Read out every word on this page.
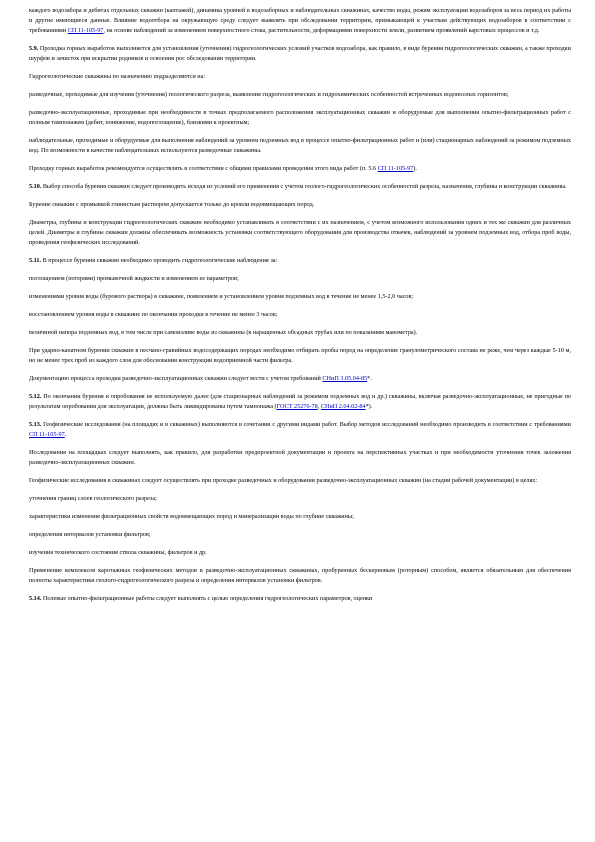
каждого водозабора и дебитах отдельных скважин (каптажей), динамика уровней в водозаборных и наблюдательных скважинах, качество воды, режим эксплуатации водозаборов за весь период их работы и другие имеющиеся данные. Влияние водоотбора на окружающую среду следует выявлять при обследовании территории, примыкающей к участкам действующих водозаборов в соответствии с требованиями СП 11-105-97, на основе наблюдений за изменением поверхностного стока, растительности, деформациями поверхности земли, развитием проявлений карстовых процессов и т.д.

5.9. Проходка горных выработок выполняется для установления (уточнения) гидрогеологических условий участков водозабора, как правило, в виде бурения гидрогеологических скважин, а также проходки шурфов и зачисток при вскрытии родников и освоении рос обследовании территории.

Гидрогеологические скважины по назначению подразделяются на:

разведочные, проходимые для изучения (уточнения) геологического разреза, выявления гидрогеологических и гидрохимических особенностей встреченных водоносных горизонтов;

разведочно-эксплуатационные, проходимые при необходимости в точках предполагаемого расположения эксплуатационных скважин и оборудуемые для выполнения опытно-фильтрационных работ с полным тампонажем (дебит, понижение, водопоглощение), близкими к проектным;

наблюдательные, проходимые и оборудуемые для выполнения наблюдений за уровнем подземных вод в процессе опытно-фильтрационных работ и (или) стационарных наблюдений за режимом подземных вод. По возможности в качестве наблюдательных используются разведочные скважины.

Проходку горных выработок рекомендуется осуществлять в соответствии с общими правилами проведения этого вида работ (п. 5.6 СП 11-105-97).

5.10. Выбор способа бурения скважин следует производить исходя из условий его применения с учетом геолого-гидрогеологических особенностей разреза, назначения, глубины и конструкции скважины.

Бурение скважин с промывкой глинистым раствором допускается только до кровли водовмещающих пород.

Диаметры, глубины и конструкции гидрогеологических скважин необходимо устанавливать в соответствии с их назначением, с учетом возможного использования одних и тех же скважин для различных целей. Диаметры и глубины скважин должны обеспечивать возможность установки соответствующего оборудования для производства откачек, наблюдений за уровнем подземных вод, отбора проб воды, проведения геофизических исследований.

5.11. В процессе бурения скважин необходимо проводить гидрогеологические наблюдения за:

поглощением (потерями) промывочной жидкости и изменением ее параметров;

изменениями уровня воды (бурового раствора) в скважине, появлением и установлением уровня подземных вод в течение не менее 1,5-2,0 часов;

восстановлением уровня воды в скважине по окончании проходки в течение не менее 3 часов;

величиной напора подземных вод, в том числе при самоизливе воды из скважины (в наращенных обсадных трубах или по показаниям манометра).

При ударно-канатном бурении скважин в песчано-гравийных водосодержащих породах необходимо отбирать пробы пород на определение гранулометрического состава не реже, чем через каждые 5-10 м, но не менее трех проб из каждого слоя для обоснования конструкции водоприемной части фильтра.

Документацию процесса проходки разведочно-эксплуатационных скважин следует вести с учетом требований СНиП 3.05.04-85*.

5.12. По окончании бурения и опробования не используемую далее (для стационарных наблюдений за режимом подземных вод и др.) скважины, включая разведочно-эксплуатационные, не пригодные по результатам опробования для эксплуатации, должны быть ликвидированы путем тампонажа (ГОСТ 25276-78, СНиП 2.04.02-84*).

5.13. Геофизические исследования (на площадях и в скважинах) выполняются в сочетании с другими видами работ. Выбор методов исследований необходимо производить в соответствии с требованиями СП 11-105-97.

Исследования на площадках следует выполнять, как правило, для разработки предпроектной документации и проекта на перспективных участках и при необходимости уточнения точек заложения разведочно-эксплуатационных скважин.

Геофизические исследования в скважинах следует осуществлять при проходке разведочных и оборудовании разведочно-эксплуатационных скважин (на стадии рабочей документации) в целях:

уточнения границ слоев геологического разреза;

характеристики изменения фильтрационных свойств водовмещающих пород и минерализации воды по глубине скважины;

определения интервалов установки фильтров;

изучения технического состояния ствола скважины, фильтров и др.

Применение комплексов каротажных геофизических методов в разведочно-эксплуатационных скважинах, пробуренных бескерновым (роторным) способом, является обязательным для обеспечения полноты характеристики геолого-гидрогеологического разреза и определения интервалов установки фильтров.

5.14. Полевые опытно-фильтрационные работы следует выполнять с целью определения гидрогеологических параметров, оценки
